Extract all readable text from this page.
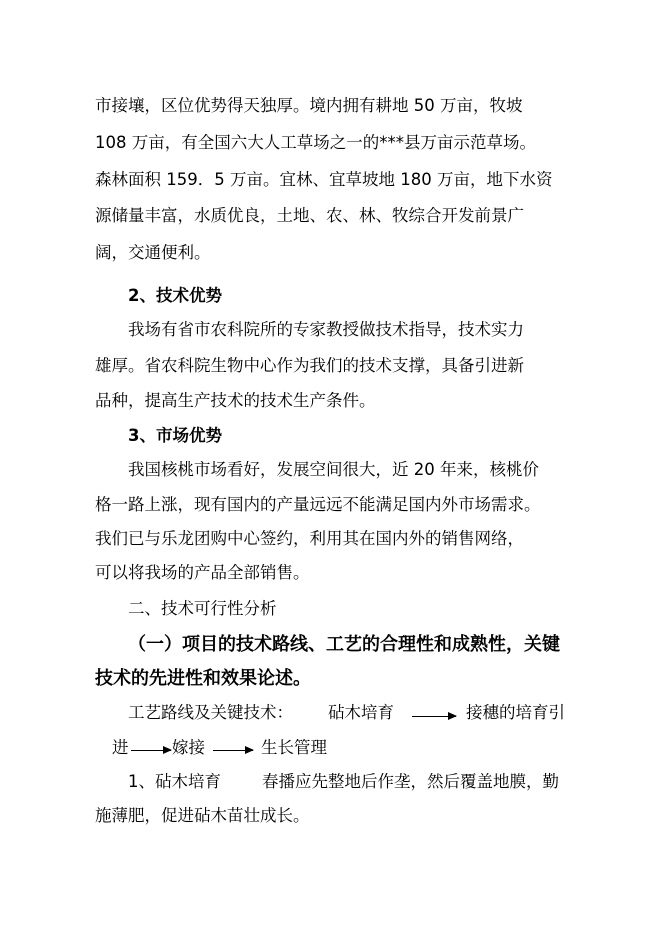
市接壤，区位优势得天独厚。境内拥有耕地 50 万亩，牧坡
108 万亩，有全国六大人工草场之一的***县万亩示范草场。
森林面积 159．5 万亩。宜林、宜草坡地 180 万亩，地下水资
源储量丰富，水质优良，土地、农、林、牧综合开发前景广
阔，交通便利。
2、技术优势
我场有省市农科院所的专家教授做技术指导，技术实力
雄厚。省农科院生物中心作为我们的技术支撑，具备引进新
品种，提高生产技术的技术生产条件。
3、市场优势
我国核桃市场看好，发展空间很大，近 20 年来，核桃价
格一路上涨，现有国内的产量远远不能满足国内外市场需求。
我们已与乐龙团购中心签约，利用其在国内外的销售网络，
可以将我场的产品全部销售。
二、技术可行性分析
（一）项目的技术路线、工艺的合理性和成熟性，关键
技术的先进性和效果论述。
工艺路线及关键技术： 砧木培育	接穗的培育引
进	嫁接	生长管理
1、砧木培育 春播应先整地后作垄，然后覆盖地膜，勤
施薄肥，促进砧木苗壮成长。
